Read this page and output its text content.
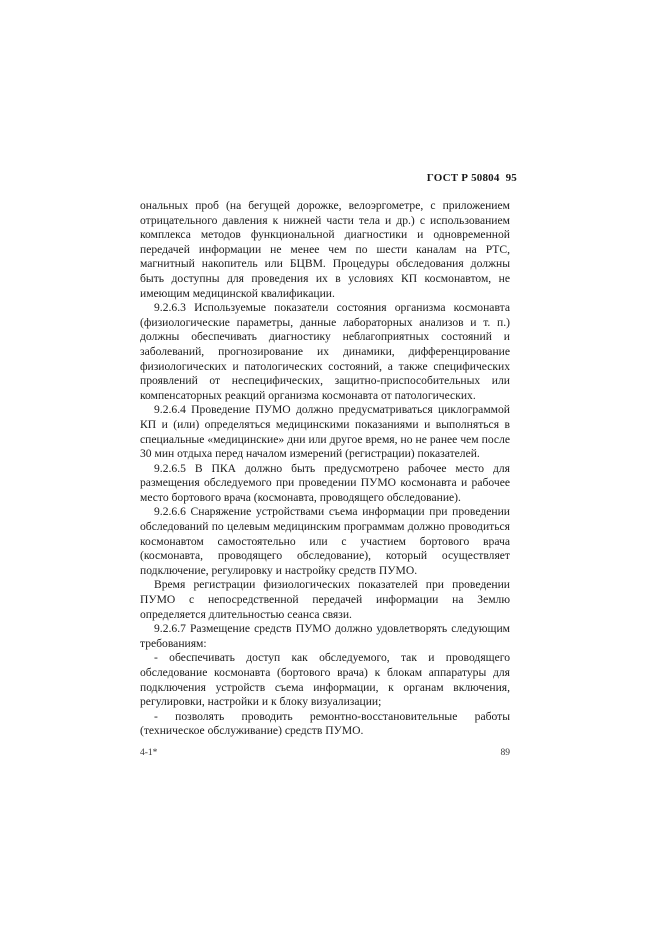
ГОСТ Р 50804 95

ональных проб (на бегущей дорожке, велоэргометре, с приложением отрицательного давления к нижней части тела и др.) с использованием комплекса методов функциональной диагностики и одновременной передачей информации не менее чем по шести каналам на РТС, магнитный накопитель или БЦВМ. Процедуры обследования должны быть доступны для проведения их в условиях КП космонавтом, не имеющим медицинской квалификации.

9.2.6.3 Используемые показатели состояния организма космонавта (физиологические параметры, данные лабораторных анализов и т. п.) должны обеспечивать диагностику неблагоприятных состояний и заболеваний, прогнозирование их динамики, дифференцирование физиологических и патологических состояний, а также специфических проявлений от неспецифических, защитно-приспособительных или компенсаторных реакций организма космонавта от патологических.

9.2.6.4 Проведение ПУМО должно предусматриваться циклограммой КП и (или) определяться медицинскими показаниями и выполняться в специальные «медицинские» дни или другое время, но не ранее чем после 30 мин отдыха перед началом измерений (регистрации) показателей.

9.2.6.5 В ПКА должно быть предусмотрено рабочее место для размещения обследуемого при проведении ПУМО космонавта и рабочее место бортового врача (космонавта, проводящего обследование).

9.2.6.6 Снаряжение устройствами съема информации при проведении обследований по целевым медицинским программам должно проводиться космонавтом самостоятельно или с участием бортового врача (космонавта, проводящего обследование), который осуществляет подключение, регулировку и настройку средств ПУМО.

Время регистрации физиологических показателей при проведении ПУМО с непосредственной передачей информации на Землю определяется длительностью сеанса связи.

9.2.6.7 Размещение средств ПУМО должно удовлетворять следующим требованиям:

- обеспечивать доступ как обследуемого, так и проводящего обследование космонавта (бортового врача) к блокам аппаратуры для подключения устройств съема информации, к органам включения, регулировки, настройки и к блоку визуализации;

- позволять проводить ремонтно-восстановительные работы (техническое обслуживание) средств ПУМО.

4-1*	89
